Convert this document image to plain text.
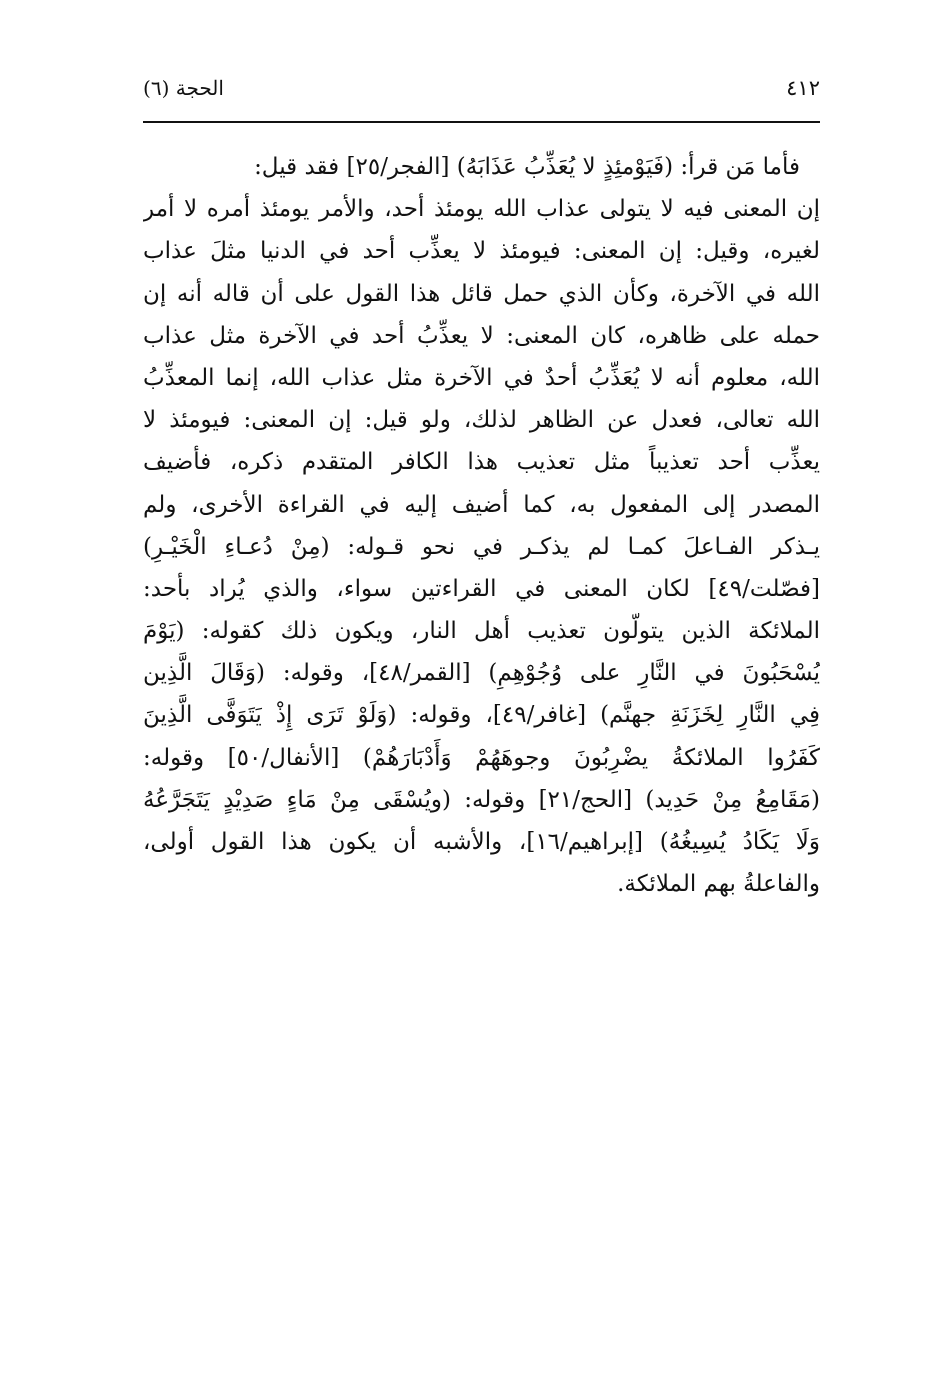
٤١٢
الحجة (٦)
فأما مَن قرأ: (فَيَوْمئِذٍ لا يُعَذِّبُ عَذَابَهُ) [الفجر/٢٥] فقد قيل:
إن المعنى فيه لا يتولى عذاب الله يومئذ أحد، والأمر يومئذ أمره لا أمر
لغيره، وقيل: إن المعنى: فيومئذ لا يعذِّب أحد في الدنيا مثلَ عذاب
الله في الآخرة، وكأن الذي حمل قائل هذا القول على أن قاله أنه إن
حمله على ظاهره، كان المعنى: لا يعذِّبُ أحد في الآخرة مثل عذاب
الله، معلوم أنه لا يُعَذِّبُ أحدٌ في الآخرة مثل عذاب الله، إنما المعذِّبُ
الله تعالى، فعدل عن الظاهر لذلك، ولو قيل: إن المعنى: فيومئذ لا
يعذِّب أحد تعذيباً مثل تعذيب هذا الكافر المتقدم ذكره، فأضيف
المصدر إلى المفعول به، كما أضيف إليه في القراءة الأخرى، ولم
يـذكر الفـاعلَ كمـا لم يذكـر في نحو قـوله: (مِنْ دُعـاءِ الْخَيْـرِ)
[فصّلت/٤٩] لكان المعنى في القراءتين سواء، والذي يُراد بأحد:
الملائكة الذين يتولّون تعذيب أهل النار، ويكون ذلك كقوله: (يَوْمَ
يُسْحَبُونَ في النَّارِ على وُجُوْهِمِ) [القمر/٤٨]، وقوله: (وَقَالَ الَّذِين
فِي النَّارِ لِخَزَنَةِ جهنَّم) [غافر/٤٩]، وقوله: (وَلَوْ تَرَى إِذْ يَتَوَفَّى الَّذِينَ
كَفَرُوا الملائكةُ يضْرِبُونَ وجوهَهُمْ وَأَدْبَارَهُمْ) [الأنفال/٥٠] وقوله:
(مَقَامِعُ مِنْ حَدِيد) [الحج/٢١] وقوله: (ويُسْقَى مِنْ مَاءٍ صَدِيْدٍ يَتَجَرَّعُهُ
وَلَا يَكَادُ يُسِيغُهُ) [إبراهيم/١٦]، والأشبه أن يكون هذا القول أولى،
والفاعلةُ بهم الملائكة.
